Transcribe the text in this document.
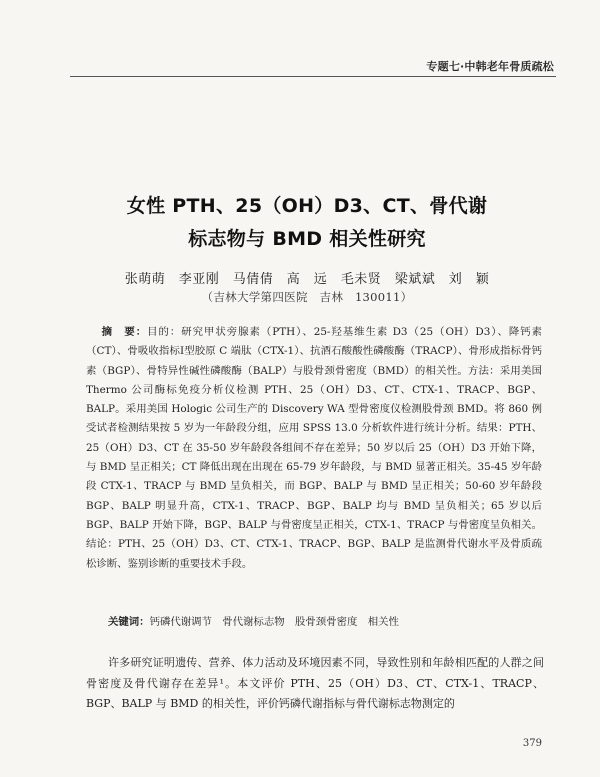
专题七·中韩老年骨质疏松
女性 PTH、25（OH）D3、CT、骨代谢
标志物与 BMD 相关性研究
张萌萌　李亚刚　马倩倩　高　远　毛未贤　梁斌斌　刘　颖
（吉林大学第四医院　吉林　130011）
摘　要：目的：研究甲状旁腺素（PTH）、25-羟基维生素 D3（25（OH）D3）、降钙素（CT）、骨吸收指标Ⅰ型胶原 C 端肽（CTX-1）、抗酒石酸酸性磷酸酶（TRACP）、骨形成指标骨钙素（BGP）、骨特异性碱性磷酸酶（BALP）与股骨颈骨密度（BMD）的相关性。方法：采用美国 Thermo 公司酶标免疫分析仪检测 PTH、25（OH）D3、CT、CTX-1、TRACP、BGP、BALP。采用美国 Hologic 公司生产的 Discovery WA 型骨密度仪检测股骨颈 BMD。将 860 例受试者检测结果按 5 岁为一年龄段分组，应用 SPSS 13.0 分析软件进行统计分析。结果：PTH、25（OH）D3、CT 在 35-50 岁年龄段各组间不存在差异；50 岁以后 25（OH）D3 开始下降，与 BMD 呈正相关；CT 降低出现在出现在 65-79 岁年龄段，与 BMD 显著正相关。35-45 岁年龄段 CTX-1、TRACP 与 BMD 呈负相关，而 BGP、BALP 与 BMD 呈正相关；50-60 岁年龄段 BGP、BALP 明显升高，CTX-1、TRACP、BGP、BALP 均与 BMD 呈负相关；65 岁以后 BGP、BALP 开始下降，BGP、BALP 与骨密度呈正相关，CTX-1、TRACP 与骨密度呈负相关。结论：PTH、25（OH）D3、CT、CTX-1、TRACP、BGP、BALP 是监测骨代谢水平及骨质疏松诊断、鉴别诊断的重要技术手段。
关键词：钙磷代谢调节　骨代谢标志物　股骨颈骨密度　相关性
许多研究证明遗传、营养、体力活动及环境因素不同，导致性别和年龄相匹配的人群之间骨密度及骨代谢存在差异¹。本文评价 PTH、25（OH）D3、CT、CTX-1、TRACP、BGP、BALP 与 BMD 的相关性，评价钙磷代谢指标与骨代谢标志物测定的
379
